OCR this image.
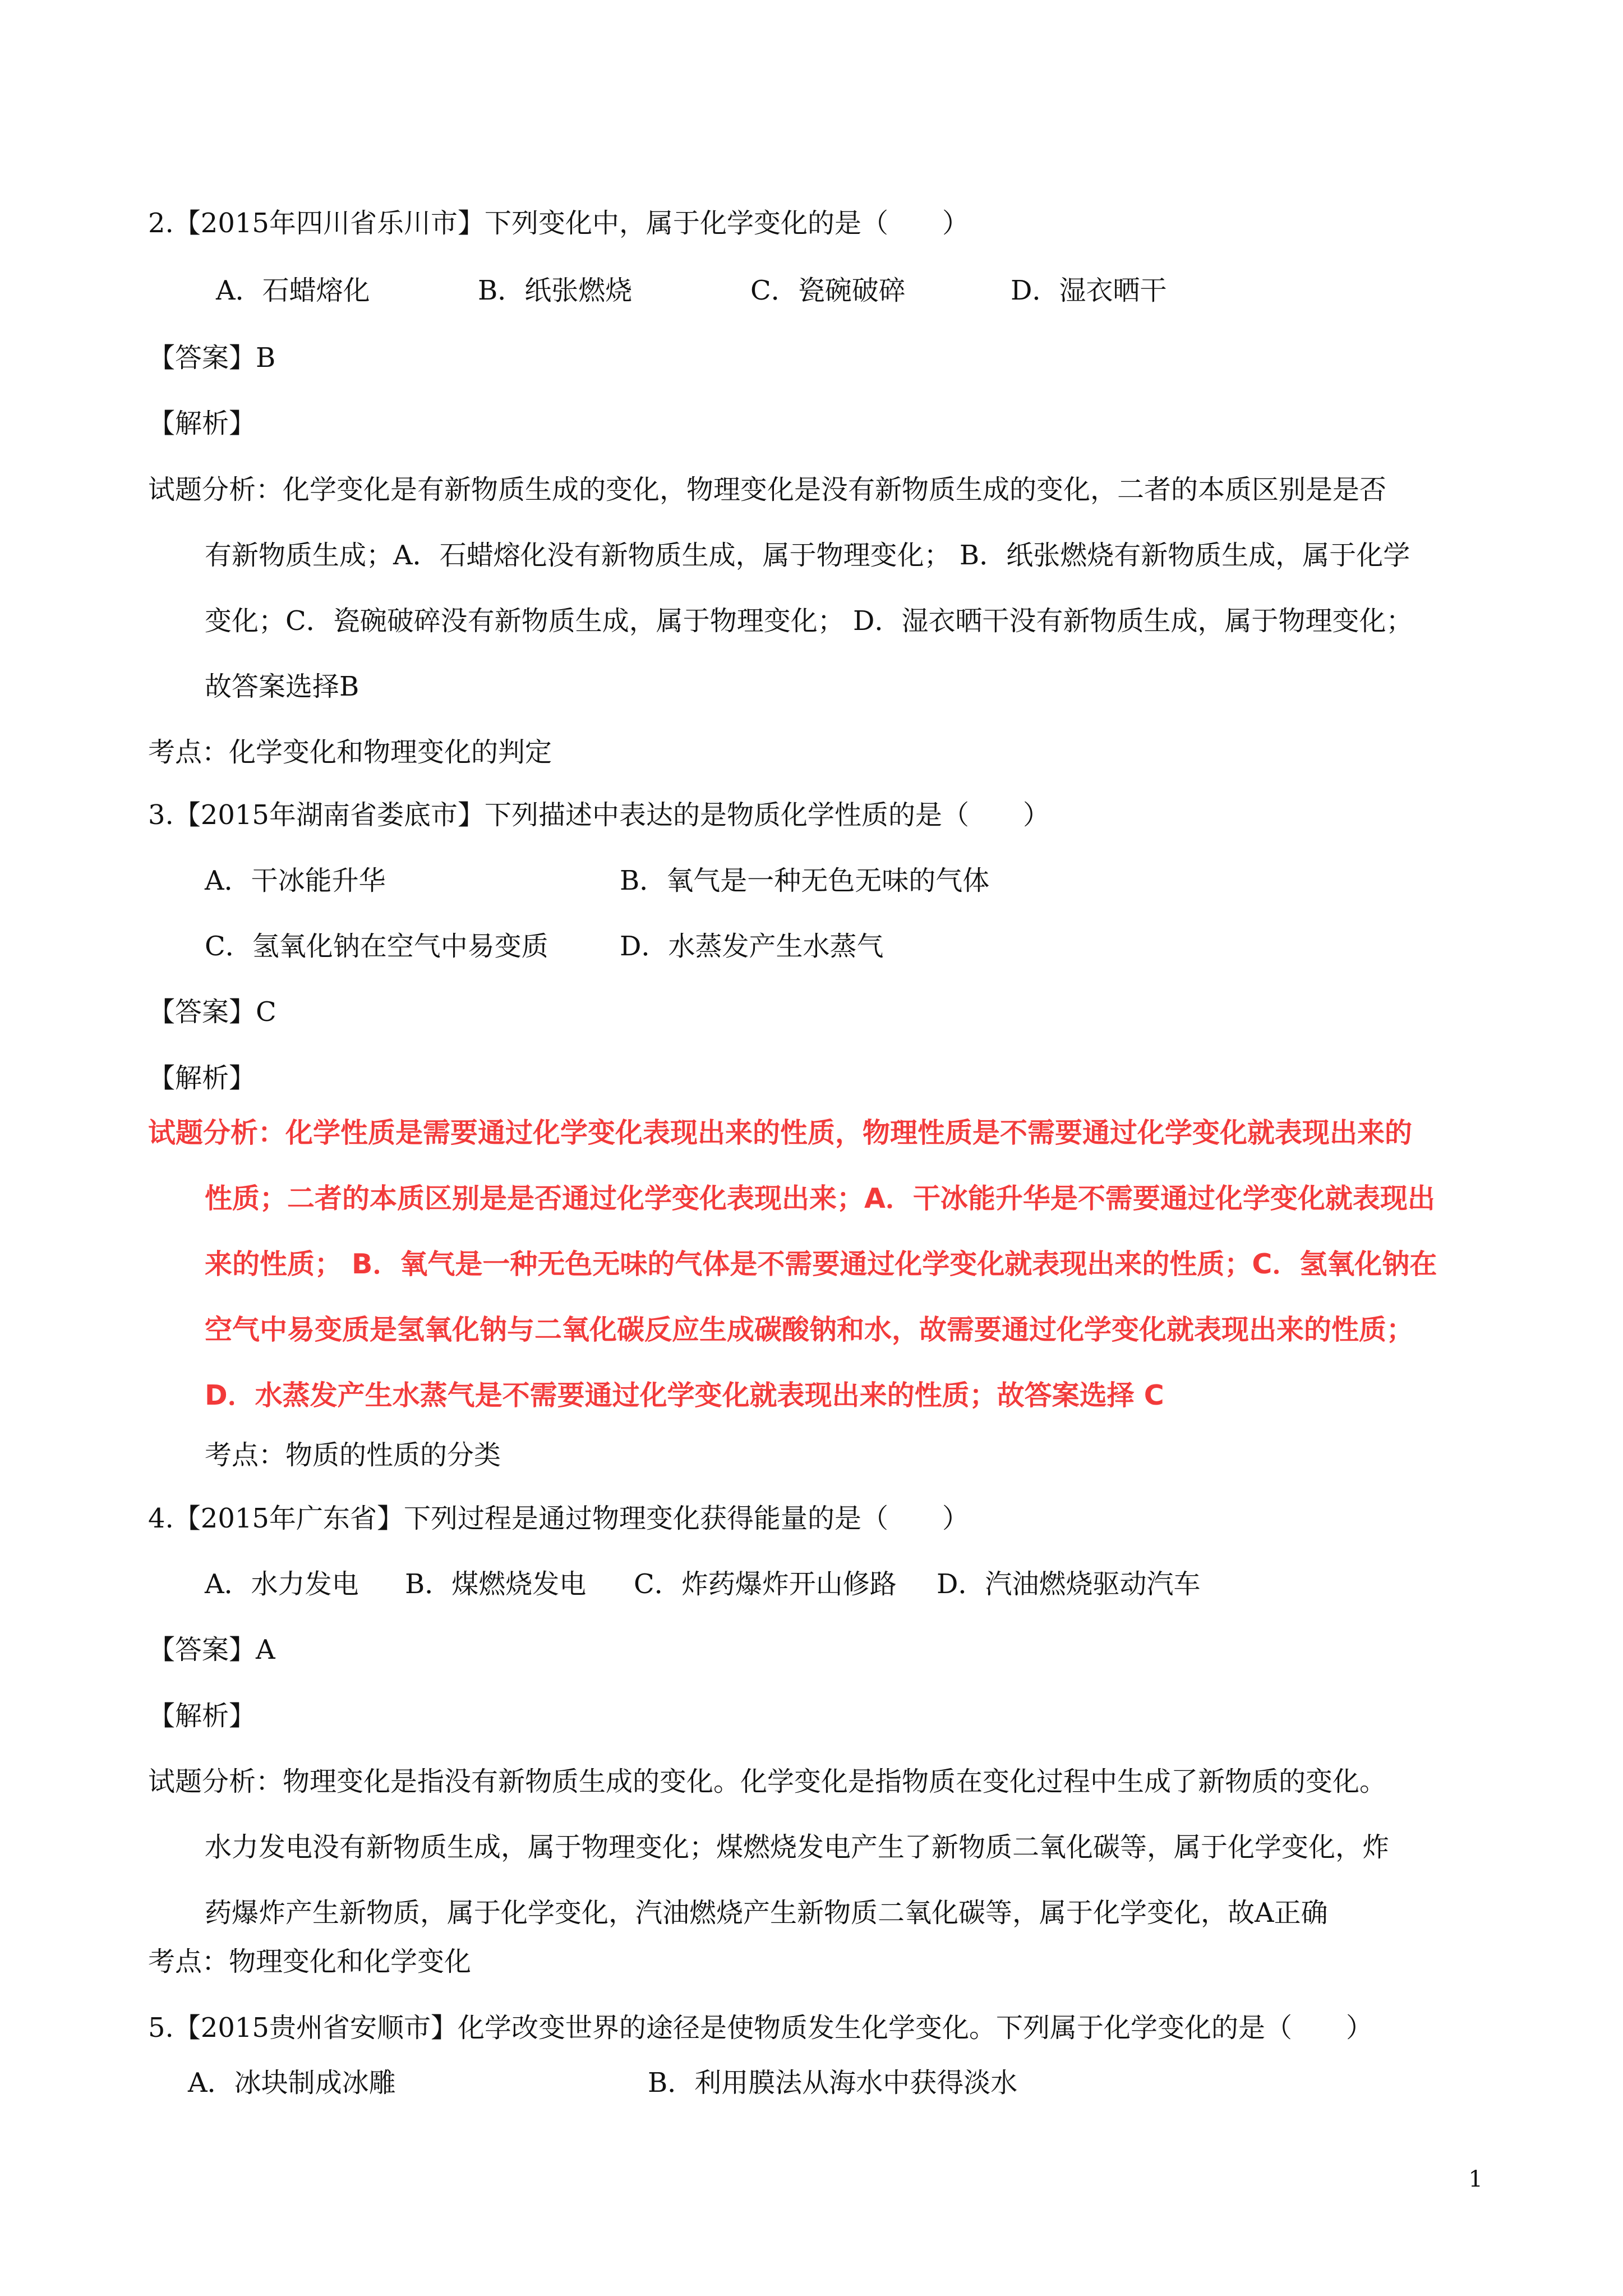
2.【2015年四川省乐川市】下列变化中，属于化学变化的是（　　）
A．石蜡熔化	B．纸张燃烧	C．瓷碗破碎	D．湿衣晒干
【答案】B
【解析】
试题分析：化学变化是有新物质生成的变化，物理变化是没有新物质生成的变化，二者的本质区别是是否
有新物质生成；A．石蜡熔化没有新物质生成，属于物理变化； B．纸张燃烧有新物质生成，属于化学
变化；C．瓷碗破碎没有新物质生成，属于物理变化； D．湿衣晒干没有新物质生成，属于物理变化；
故答案选择B
考点：化学变化和物理变化的判定
3.【2015年湖南省娄底市】下列描述中表达的是物质化学性质的是（　　）
A．干冰能升华	B．氧气是一种无色无味的气体
C．氢氧化钠在空气中易变质	D．水蒸发产生水蒸气
【答案】C
【解析】
试题分析：化学性质是需要通过化学变化表现出来的性质，物理性质是不需要通过化学变化就表现出来的
性质；二者的本质区别是是否通过化学变化表现出来；A．干冰能升华是不需要通过化学变化就表现出
来的性质； B．氧气是一种无色无味的气体是不需要通过化学变化就表现出来的性质；C．氢氧化钠在
空气中易变质是氢氧化钠与二氧化碳反应生成碳酸钠和水，故需要通过化学变化就表现出来的性质；
D．水蒸发产生水蒸气是不需要通过化学变化就表现出来的性质；故答案选择 C
考点：物质的性质的分类
4.【2015年广东省】下列过程是通过物理变化获得能量的是（　　）
A．水力发电 B．煤燃烧发电 C．炸药爆炸开山修路 D．汽油燃烧驱动汽车
【答案】A
【解析】
试题分析：物理变化是指没有新物质生成的变化。化学变化是指物质在变化过程中生成了新物质的变化。
水力发电没有新物质生成，属于物理变化；煤燃烧发电产生了新物质二氧化碳等，属于化学变化，炸
药爆炸产生新物质，属于化学变化，汽油燃烧产生新物质二氧化碳等，属于化学变化，故A正确
考点：物理变化和化学变化
5.【2015贵州省安顺市】化学改变世界的途径是使物质发生化学变化。下列属于化学变化的是（　　）
A．冰块制成冰雕	B．利用膜法从海水中获得淡水
1
